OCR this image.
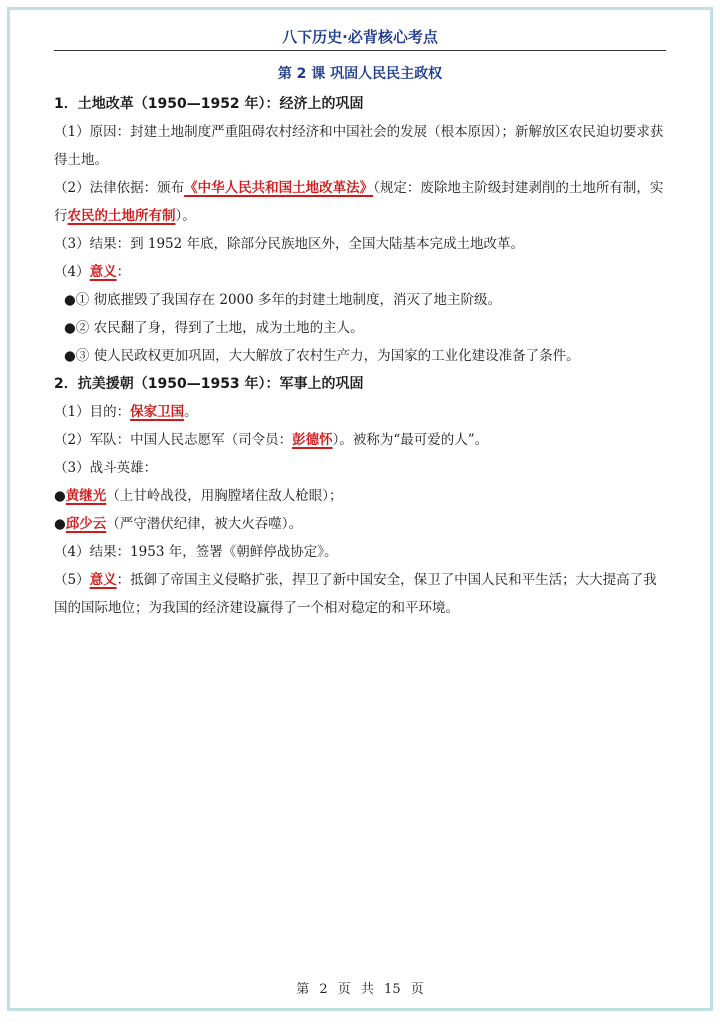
八下历史·必背核心考点
第 2 课 巩固人民民主政权
1．土地改革（1950—1952 年）：经济上的巩固
（1）原因：封建土地制度严重阻碍农村经济和中国社会的发展（根本原因）；新解放区农民迫切要求获得土地。
（2）法律依据：颁布《中华人民共和国土地改革法》（规定：废除地主阶级封建剥削的土地所有制，实行农民的土地所有制）。
（3）结果：到 1952 年底，除部分民族地区外，全国大陆基本完成土地改革。
（4）意义：
●① 彻底摧毁了我国存在 2000 多年的封建土地制度，消灭了地主阶级。
●② 农民翻了身，得到了土地，成为土地的主人。
●③ 使人民政权更加巩固，大大解放了农村生产力，为国家的工业化建设准备了条件。
2．抗美援朝（1950—1953 年）：军事上的巩固
（1）目的：保家卫国。
（2）军队：中国人民志愿军（司令员：彭德怀）。被称为“最可爱的人”。
（3）战斗英雄：
●黄继光（上甘岭战役，用胸膛堵住敌人枪眼）；
●邱少云（严守潜伏纪律，被大火吞噬）。
（4）结果：1953 年，签署《朝鲜停战协定》。
（5）意义：抵御了帝国主义侵略扩张，捍卫了新中国安全，保卫了中国人民和平生活；大大提高了我国的国际地位；为我国的经济建设赢得了一个相对稳定的和平环境。
第 2 页 共 15 页
